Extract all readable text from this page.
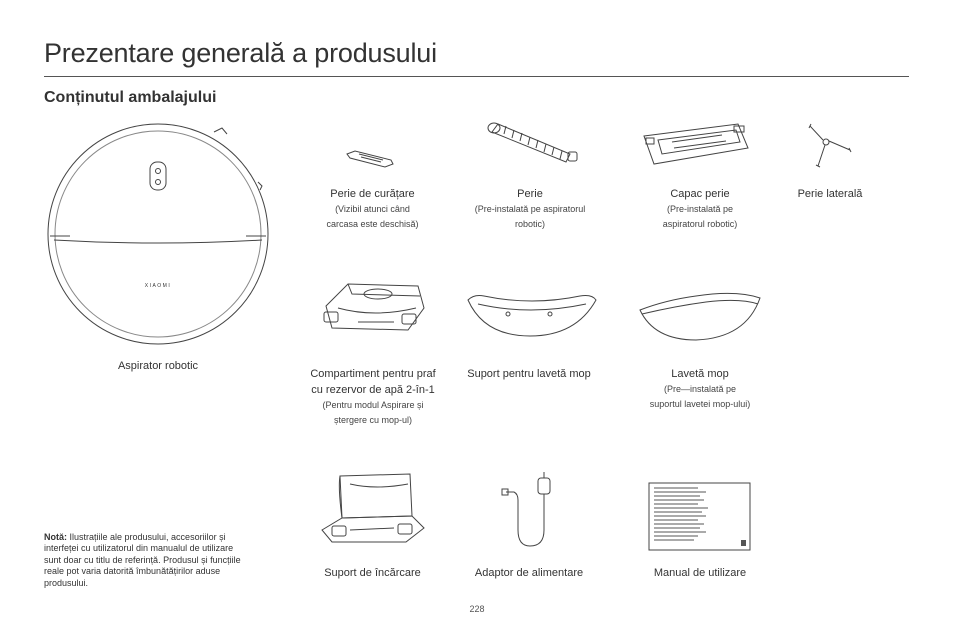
Prezentare generală a produsului
Conținutul ambalajului
XIAOMI
Aspirator robotic
Perie de curățare
(Vizibil atunci când
carcasa este deschisă)
Perie
(Pre-instalată pe aspiratorul
robotic)
Capac perie
(Pre-instalată pe
aspiratorul robotic)
Perie laterală
Compartiment pentru praf
cu rezervor de apă 2-în-1
(Pentru modul Aspirare și
ștergere cu mop-ul)
Suport pentru lavetă mop	Lavetă mop
(Pre—instalată pe
suportul lavetei mop-ului)
Suport de încărcare	Adaptor de alimentare	Manual de utilizare
Notă: Ilustrațiile ale produsului, accesoriilor și interfeței cu utilizatorul din manualul de utilizare sunt doar cu titlu de referință. Produsul și funcțiile reale pot varia datorită îmbunătățirilor aduse produsului.
228
